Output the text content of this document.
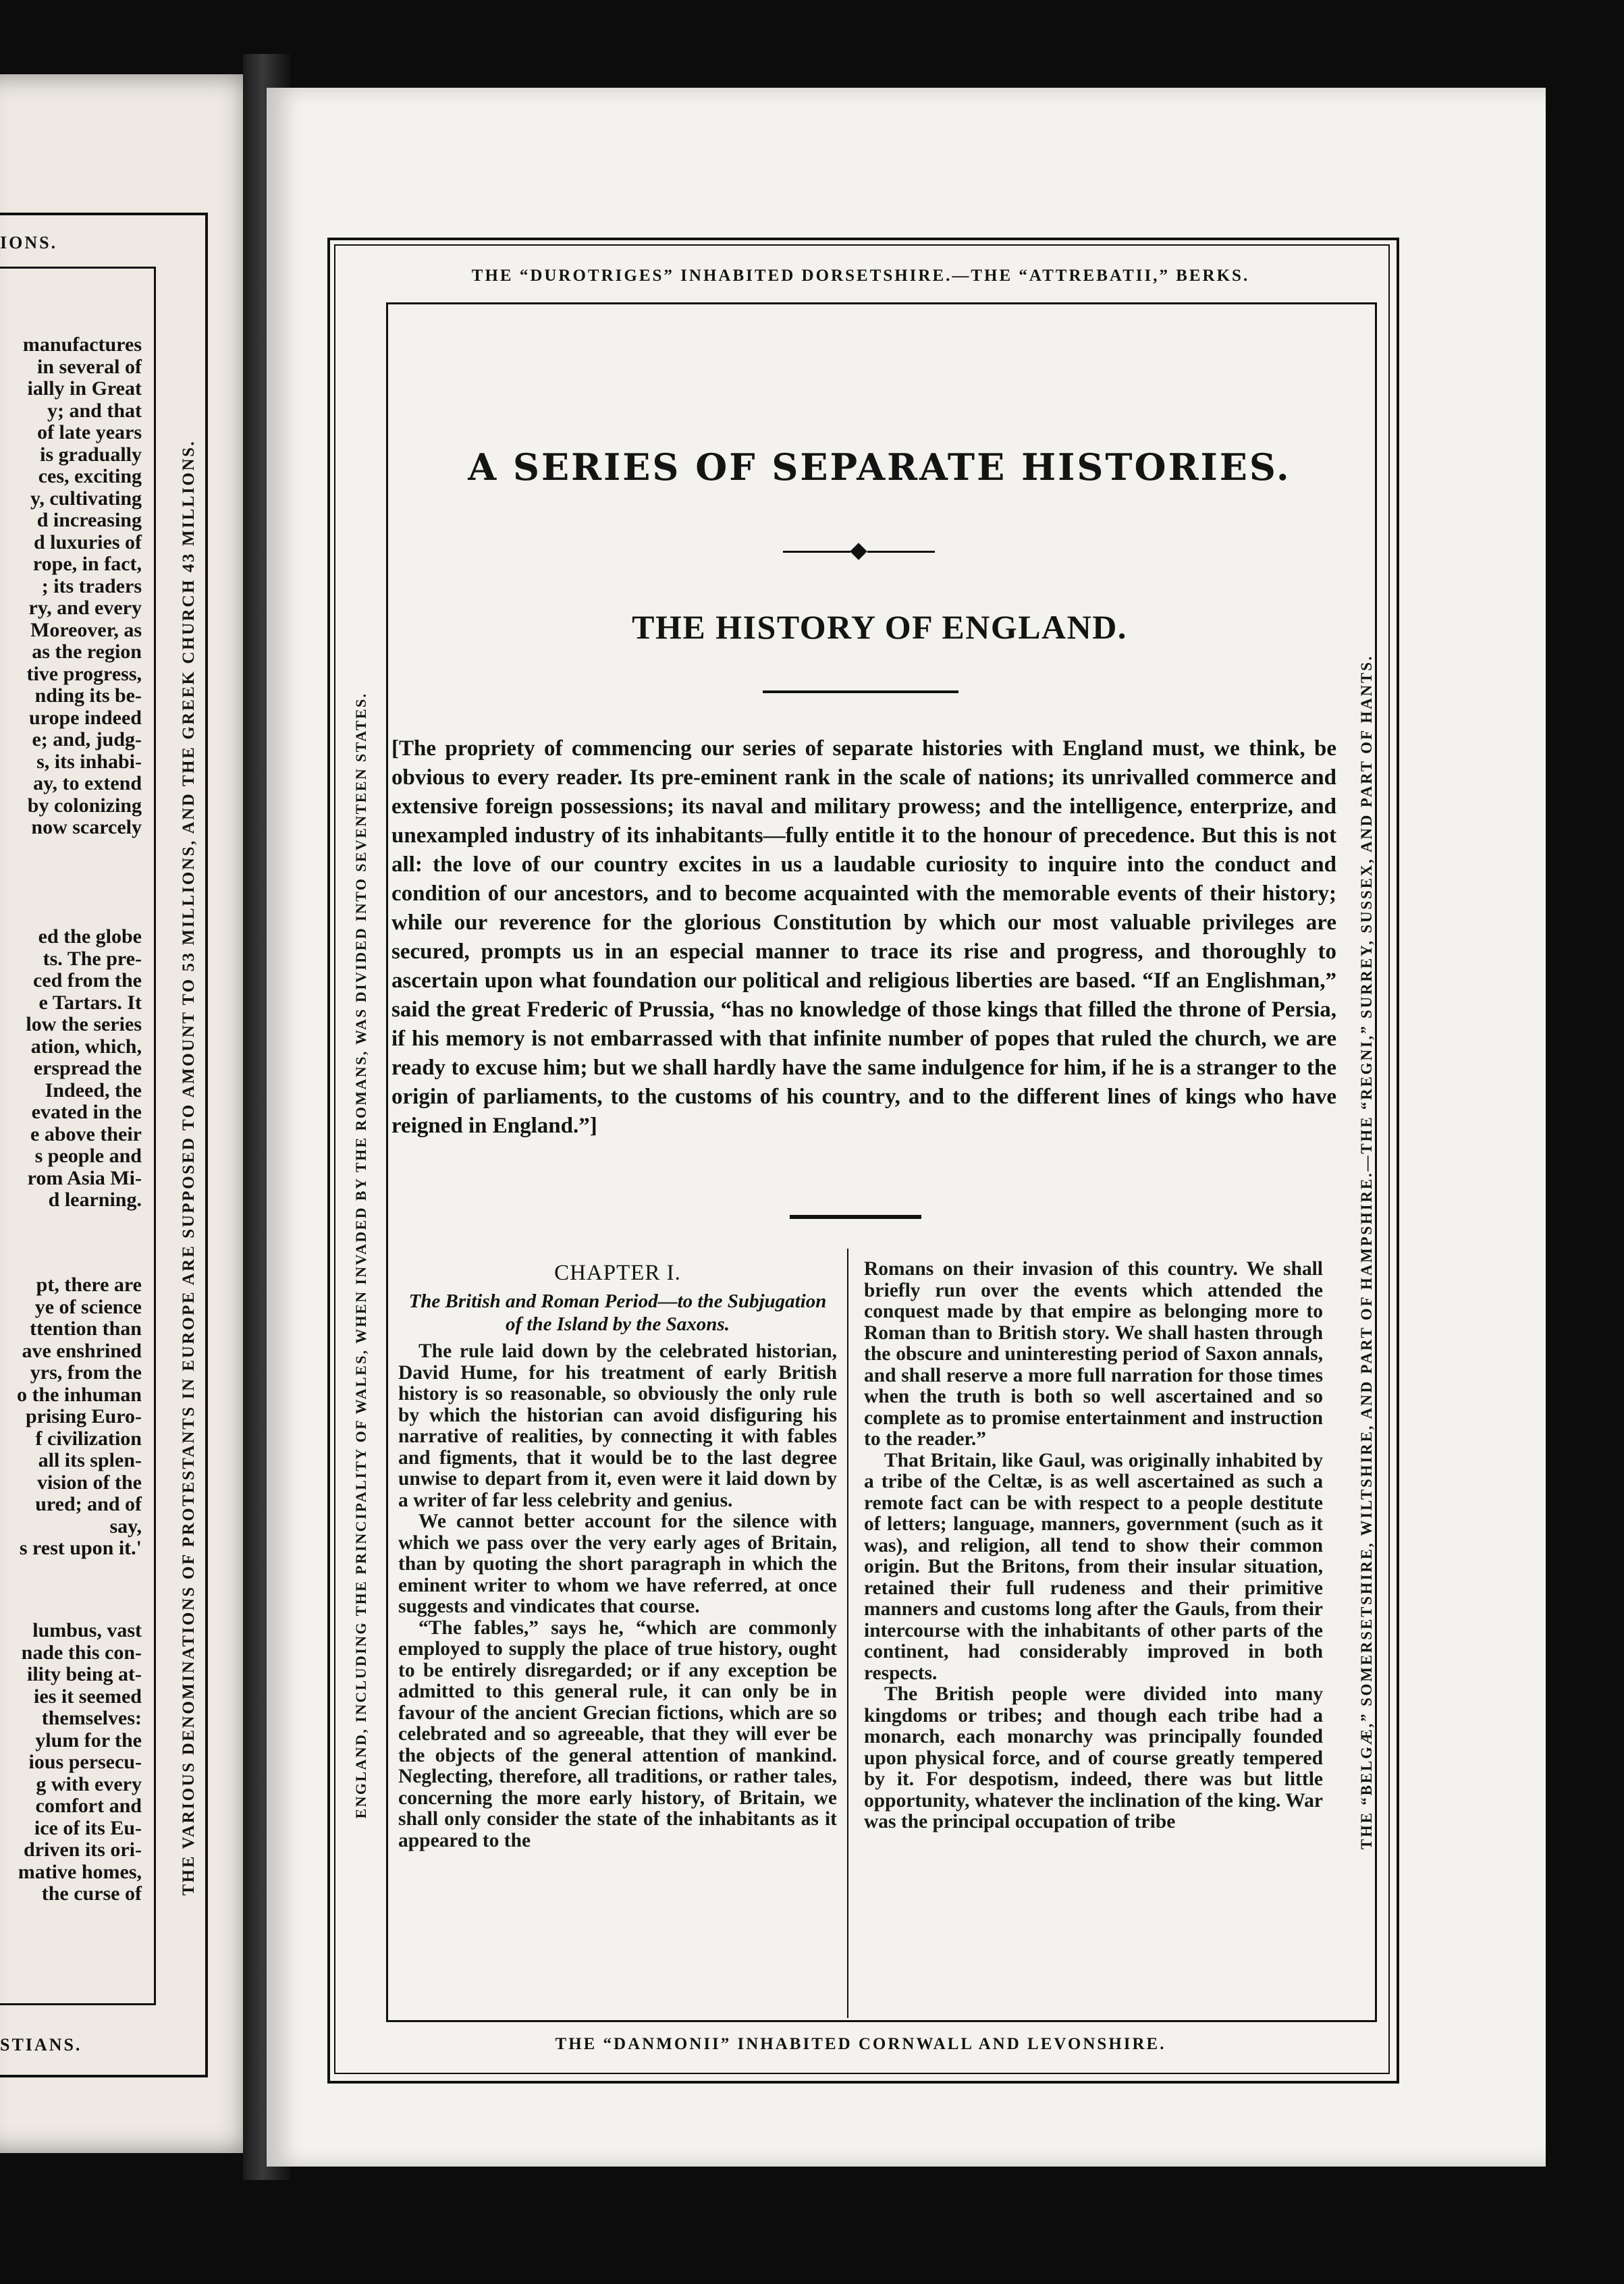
IONS.
STIANS.
THE VARIOUS DENOMINATIONS OF PROTESTANTS IN EUROPE ARE SUPPOSED TO AMOUNT TO 53 MILLIONS, AND THE GREEK CHURCH 43 MILLIONS.
manufactures
in several of
ially in Great
y; and that
of late years
is gradually
ces, exciting
y, cultivating
d increasing
d luxuries of
rope, in fact,
; its traders
ry, and every
Moreover, as
as the region
tive progress,
nding its be-
urope indeed
e; and, judg-
s, its inhabi-
ay, to extend
by colonizing
now scarcely
ed the globe
ts. The pre-
ced from the
e Tartars. It
low the series
ation, which,
erspread the
Indeed, the
evated in the
e above their
s people and
rom Asia Mi-
d learning.
pt, there are
ye of science
ttention than
ave enshrined
yrs, from the
o the inhuman
prising Euro-
f civilization
all its splen-
vision of the
ured; and of
say,
s rest upon it.'
lumbus, vast
nade this con-
ility being at-
ies it seemed
themselves:
ylum for the
ious persecu-
g with every
comfort and
ice of its Eu-
driven its ori-
mative homes,
the curse of
THE “DUROTRIGES” INHABITED DORSETSHIRE.—THE “ATTREBATII,” BERKS.
THE “DANMONII” INHABITED CORNWALL AND LEVONSHIRE.
ENGLAND, INCLUDING THE PRINCIPALITY OF WALES, WHEN INVADED BY THE ROMANS, WAS DIVIDED INTO SEVENTEEN STATES.	THE “BELGÆ,” SOMERSETSHIRE, WILTSHIRE, AND PART OF HAMPSHIRE.—THE “REGNI,” SURREY, SUSSEX, AND PART OF HANTS.
A SERIES OF SEPARATE HISTORIES.
THE HISTORY OF ENGLAND.
[The propriety of commencing our series of separate histories with England must, we think, be obvious to every reader. Its pre-eminent rank in the scale of nations; its unrivalled commerce and extensive foreign possessions; its naval and military prowess; and the intelligence, enterprize, and unexampled industry of its inhabitants—fully entitle it to the honour of precedence. But this is not all: the love of our country excites in us a laudable curiosity to inquire into the conduct and condition of our ancestors, and to become acquainted with the memorable events of their history; while our reverence for the glorious Constitution by which our most valuable privileges are secured, prompts us in an especial manner to trace its rise and progress, and thoroughly to ascertain upon what foundation our political and religious liberties are based. “If an Englishman,” said the great Frederic of Prussia, “has no knowledge of those kings that filled the throne of Persia, if his memory is not embarrassed with that infinite number of popes that ruled the church, we are ready to excuse him; but we shall hardly have the same indulgence for him, if he is a stranger to the origin of parliaments, to the customs of his country, and to the different lines of kings who have reigned in England.”]
CHAPTER I.
The British and Roman Period—to the Subjugation of the Island by the Saxons.

The rule laid down by the celebrated historian, David Hume, for his treatment of early British history is so reasonable, so obviously the only rule by which the historian can avoid disfiguring his narrative of realities, by connecting it with fables and figments, that it would be to the last degree unwise to depart from it, even were it laid down by a writer of far less celebrity and genius.

We cannot better account for the silence with which we pass over the very early ages of Britain, than by quoting the short paragraph in which the eminent writer to whom we have referred, at once suggests and vindicates that course.

“The fables,” says he, “which are commonly employed to supply the place of true history, ought to be entirely disregarded; or if any exception be admitted to this general rule, it can only be in favour of the ancient Grecian fictions, which are so celebrated and so agreeable, that they will ever be the objects of the general attention of mankind. Neglecting, therefore, all traditions, or rather tales, concerning the more early history, of Britain, we shall only consider the state of the inhabitants as it appeared to the

Romans on their invasion of this country. We shall briefly run over the events which attended the conquest made by that empire as belonging more to Roman than to British story. We shall hasten through the obscure and uninteresting period of Saxon annals, and shall reserve a more full narration for those times when the truth is both so well ascertained and so complete as to promise entertainment and instruction to the reader.”

That Britain, like Gaul, was originally inhabited by a tribe of the Celtæ, is as well ascertained as such a remote fact can be with respect to a people destitute of letters; language, manners, government (such as it was), and religion, all tend to show their common origin. But the Britons, from their insular situation, retained their full rudeness and their primitive manners and customs long after the Gauls, from their intercourse with the inhabitants of other parts of the continent, had considerably improved in both respects.

The British people were divided into many kingdoms or tribes; and though each tribe had a monarch, each monarchy was principally founded upon physical force, and of course greatly tempered by it. For despotism, indeed, there was but little opportunity, whatever the inclination of the king. War was the principal occupation of tribe
